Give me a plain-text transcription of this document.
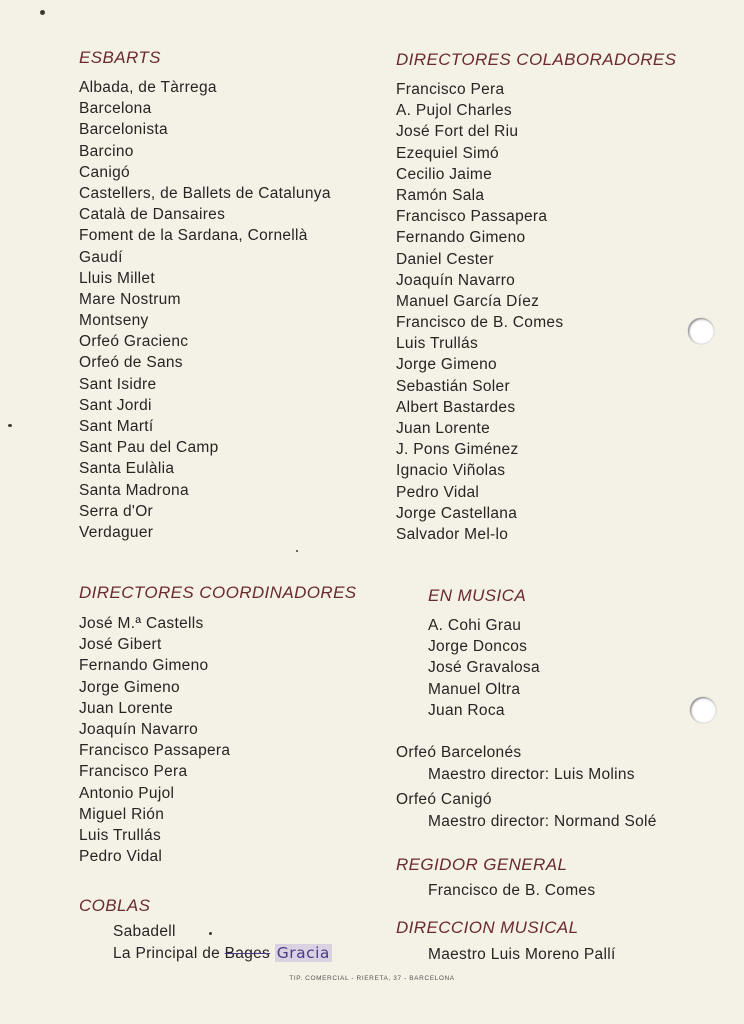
ESBARTS
Albada, de Tàrrega
Barcelona
Barcelonista
Barcino
Canigó
Castellers, de Ballets de Catalunya
Català de Dansaires
Foment de la Sardana, Cornellà
Gaudí
Lluis Millet
Mare Nostrum
Montseny
Orfeó Gracienc
Orfeó de Sans
Sant Isidre
Sant Jordi
Sant Martí
Sant Pau del Camp
Santa Eulàlia
Santa Madrona
Serra d'Or
Verdaguer
DIRECTORES COLABORADORES
Francisco Pera
A. Pujol Charles
José Fort del Riu
Ezequiel Simó
Cecilio Jaime
Ramón Sala
Francisco Passapera
Fernando Gimeno
Daniel Cester
Joaquín Navarro
Manuel García Díez
Francisco de B. Comes
Luis Trullás
Jorge Gimeno
Sebastián Soler
Albert Bastardes
Juan Lorente
J. Pons Giménez
Ignacio Viñolas
Pedro Vidal
Jorge Castellana
Salvador Mel-lo
DIRECTORES COORDINADORES
José M.ª Castells
José Gibert
Fernando Gimeno
Jorge Gimeno
Juan Lorente
Joaquín Navarro
Francisco Passapera
Francisco Pera
Antonio Pujol
Miguel Rión
Luis Trullás
Pedro Vidal
EN MUSICA
A. Cohi Grau
Jorge Doncos
José Gravalosa
Manuel Oltra
Juan Roca
Orfeó Barcelonés
Maestro director: Luis Molins
Orfeó Canigó
Maestro director: Normand Solé
REGIDOR GENERAL
Francisco de B. Comes
COBLAS
Sabadell
La Principal de Bages Gracia
DIRECCION MUSICAL
Maestro Luis Moreno Pallí
TIP. COMERCIAL - RIERETA, 37 - BARCELONA
